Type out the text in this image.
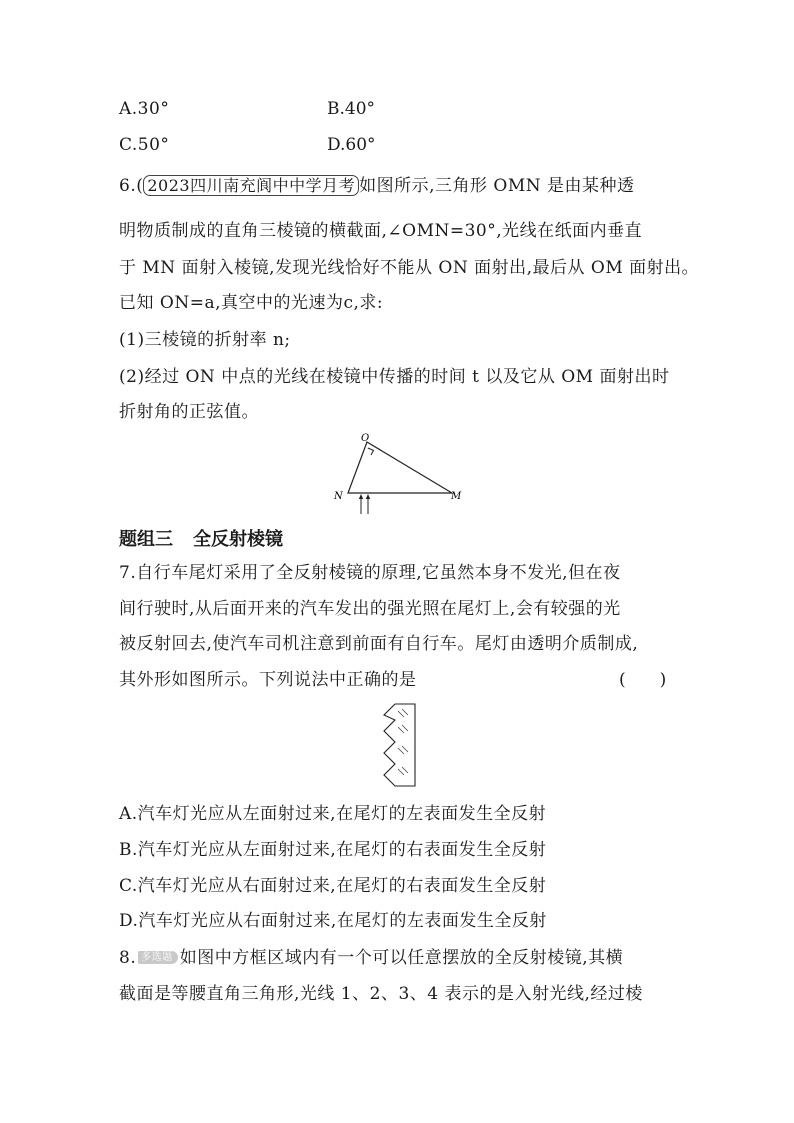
A.30°	B.40°
C.50°	D.60°
6.( 2023四川南充阆中中学月考 如图所示,三角形 OMN 是由某种透
明物质制成的直角三棱镜的横截面,∠OMN=30°,光线在纸面内垂直
于 MN 面射入棱镜,发现光线恰好不能从 ON 面射出,最后从 OM 面射出。
已知 ON=a,真空中的光速为c,求:
(1)三棱镜的折射率 n;
(2)经过 ON 中点的光线在棱镜中传播的时间 t 以及它从 OM 面射出时
折射角的正弦值。
O
N	M
题组三 全反射棱镜
7.自行车尾灯采用了全反射棱镜的原理,它虽然本身不发光,但在夜
间行驶时,从后面开来的汽车发出的强光照在尾灯上,会有较强的光
被反射回去,使汽车司机注意到前面有自行车。尾灯由透明介质制成,
其外形如图所示。下列说法中正确的是	(　　)
A.汽车灯光应从左面射过来,在尾灯的左表面发生全反射
B.汽车灯光应从左面射过来,在尾灯的右表面发生全反射
C.汽车灯光应从右面射过来,在尾灯的右表面发生全反射
D.汽车灯光应从右面射过来,在尾灯的左表面发生全反射
8. 多选题 如图中方框区域内有一个可以任意摆放的全反射棱镜,其横
截面是等腰直角三角形,光线 1、2、3、4 表示的是入射光线,经过棱
